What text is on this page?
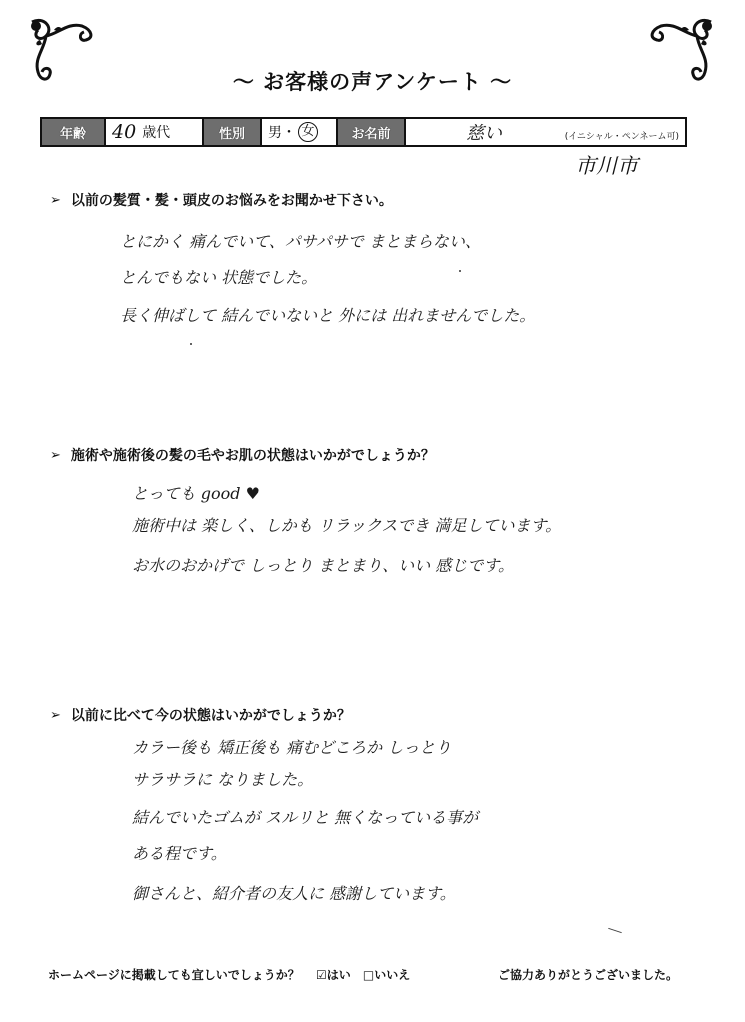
～ お客様の声アンケート ～
年齢	40 歳代	性別	男 ・ 女	お名前	慈い	(イニシャル・ペンネーム可)
市川市
➢ 以前の髪質・髪・頭皮のお悩みをお聞かせ下さい。
とにかく 痛んでいて、パサパサで まとまらない、
とんでもない 状態でした。
長く伸ばして 結んでいないと 外には 出れませんでした。
➢ 施術や施術後の髪の毛やお肌の状態はいかがでしょうか？
とっても good ♥
施術中は 楽しく、しかも リラックスでき 満足しています。
お水のおかげで しっとり まとまり、いい 感じです。
➢ 以前に比べて今の状態はいかがでしょうか？
カラー後も 矯正後も 痛むどころか しっとり
サラサラに なりました。
結んでいたゴムが スルリと 無くなっている事が
ある程です。
御さんと、紹介者の友人に 感謝しています。
ホームページに掲載しても宜しいでしょうか？ ☑はい □いいえ	ご協力ありがとうございました。
